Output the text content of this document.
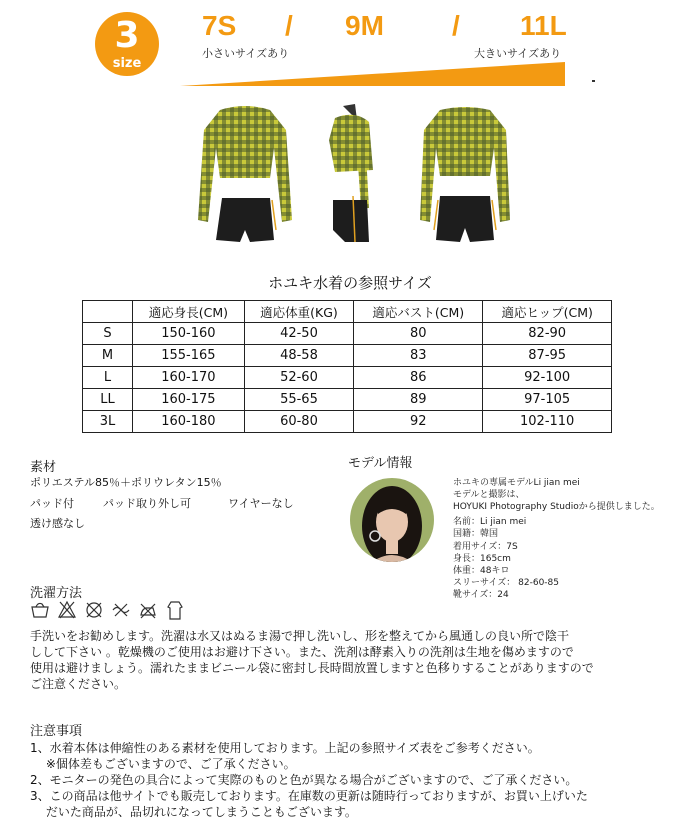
3
size
7S / 9M / 11L
小さいサイズあり	大きいサイズあり
ホユキ水着の参照サイズ
	適応身長(CM)	適応体重(KG)	適応バスト(CM)	適応ヒップ(CM)
S	150-160	42-50	80	82-90
M	155-165	48-58	83	87-95
L	160-170	52-60	86	92-100
LL	160-175	55-65	89	97-105
3L	160-180	60-80	92	102-110
素材
ポリエステル85％＋ポリウレタン15％
パッド付	パッド取り外し可	ワイヤーなし
透け感なし
モデル情報
ホユキの専属モデルLi jian mei
モデルと撮影は、
HOYUKI Photography Studioから提供しました。
名前：Li jian mei
国籍：韓国
着用サイズ：7S
身長：165cm
体重：48キロ
スリーサイズ： 82-60-85
靴サイズ：24
洗濯方法

手洗いをお勧めします。洗濯は水又はぬるま湯で押し洗いし、形を整えてから風通しの良い所で陰干
しして下さい 。乾燥機のご使用はお避け下さい。また、洗剤は酵素入りの洗剤は生地を傷めますので
使用は避けましょう。濡れたままビニール袋に密封し長時間放置しますと色移りすることがありますので
ご注意ください。
注意事項
1、水着本体は伸縮性のある素材を使用しております。上記の参照サイズ表をご参考ください。
　 ※個体差もございますので、ご了承ください。
2、モニターの発色の具合によって実際のものと色が異なる場合がございますので、ご了承ください。
3、この商品は他サイトでも販売しております。在庫数の更新は随時行っておりますが、お買い上げいた
　 だいた商品が、品切れになってしまうこともございます。
